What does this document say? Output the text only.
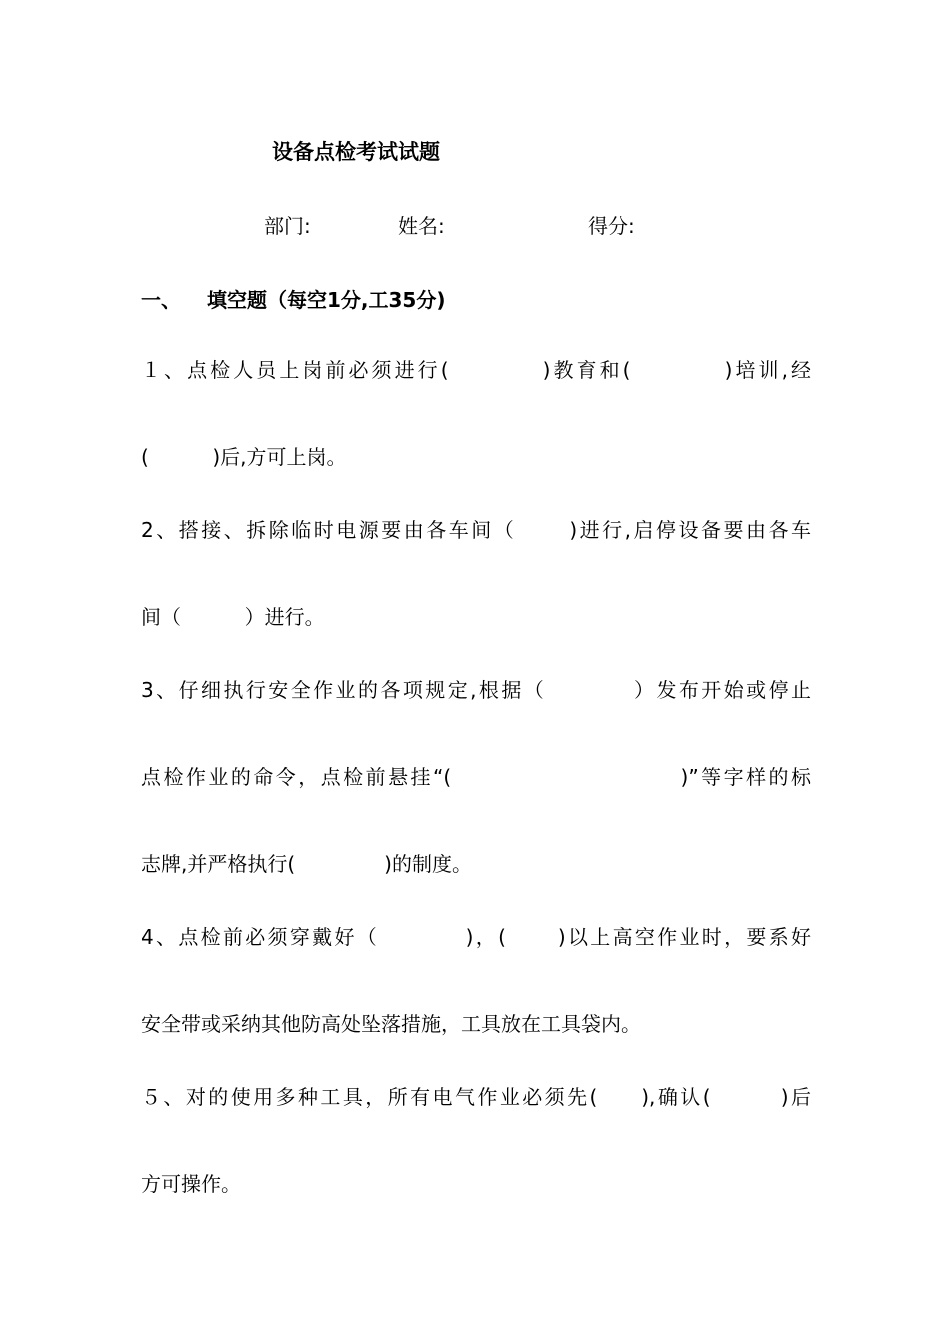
设备点检考试试题
部门:	姓名:	得分:
一、 填空题（每空1分,工35分)
１、点检人员上岗前必须进行(          )教育和(          )培训,经
(          )后,方可上岗。
2、搭接、拆除临时电源要由各车间（      )进行,启停设备要由各车
间（          ）进行。
3、仔细执行安全作业的各项规定,根据（          ）发布开始或停止
点检作业的命令，点检前悬挂“(                          )”等字样的标
志牌,并严格执行(              )的制度。
4、点检前必须穿戴好（          )，(      )以上高空作业时，要系好
安全带或采纳其他防高处坠落措施，工具放在工具袋内。
５、对的使用多种工具，所有电气作业必须先(     ),确认(        )后
方可操作。
